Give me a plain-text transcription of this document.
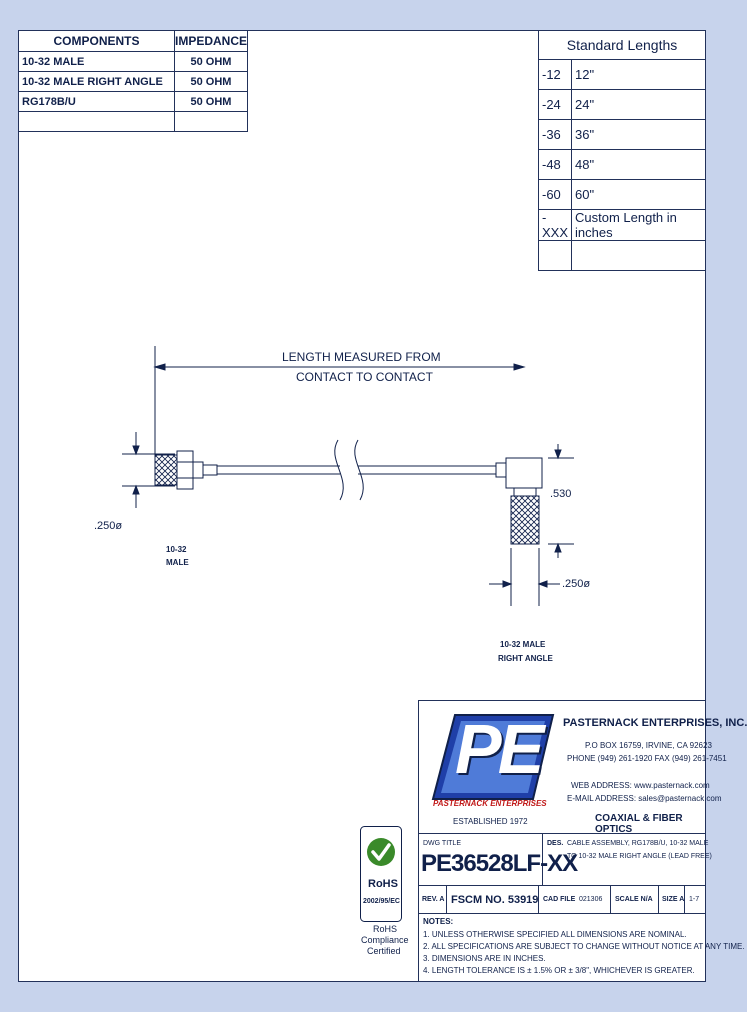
COMPONENTS	IMPEDANCE
10-32 MALE	50 OHM
10-32 MALE RIGHT ANGLE	50 OHM
RG178B/U	50 OHM

Standard Lengths	
-12	12"
-24	24"
-36	36"
-48	48"
-60	60"
-XXX	Custom Length in inches

LENGTH MEASURED FROM
CONTACT TO CONTACT
.250ø
10-32
MALE
.530
.250ø
10-32 MALE
RIGHT ANGLE
RoHS
2002/95/EC
RoHS
Compliance
Certified
PE
PASTERNACK ENTERPRISES
ESTABLISHED 1972
PASTERNACK ENTERPRISES, INC.
P.O BOX 16759, IRVINE, CA 92623
PHONE (949) 261-1920 FAX (949) 261-7451
WEB ADDRESS: www.pasternack.com
E-MAIL ADDRESS: sales@pasternack.com
COAXIAL & FIBER OPTICS
DWG TITLE
PE36528LF-XX
DES. CABLE ASSEMBLY, RG178B/U, 10-32 MALE
TO 10-32 MALE RIGHT ANGLE (LEAD FREE)
REV. A FSCM NO. 53919 CAD FILE 021306 SCALE N/A SIZE A 1-7
NOTES:
1. UNLESS OTHERWISE SPECIFIED ALL DIMENSIONS ARE NOMINAL.
2. ALL SPECIFICATIONS ARE SUBJECT TO CHANGE WITHOUT NOTICE AT ANY TIME.
3. DIMENSIONS ARE IN INCHES.
4. LENGTH TOLERANCE IS ± 1.5% OR ± 3/8", WHICHEVER IS GREATER.
